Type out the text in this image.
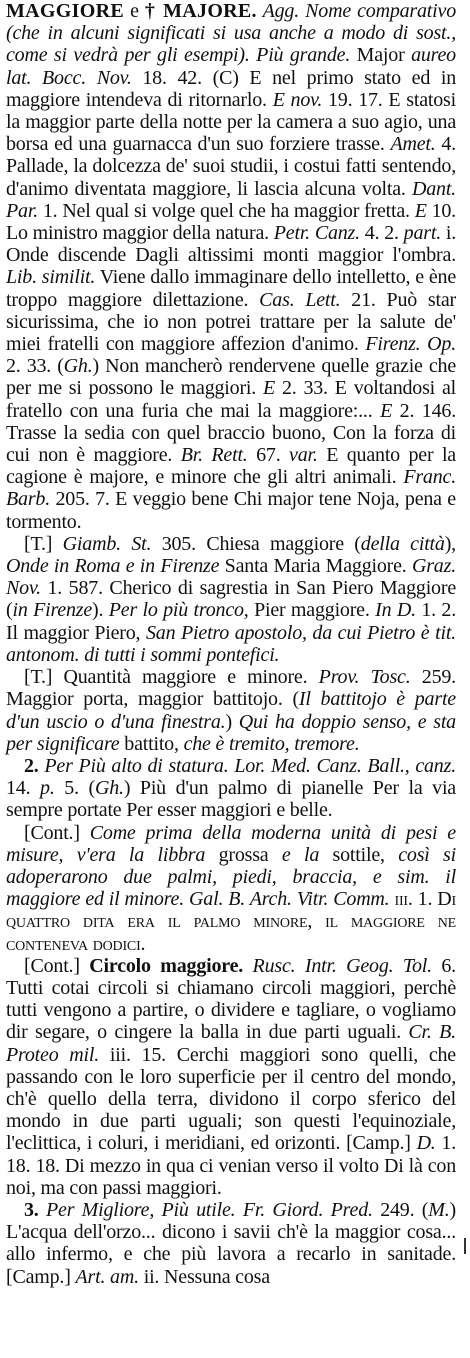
MAGGIORE e † MAJORE. Agg. Nome comparativo (che in alcuni significati si usa anche a modo di sost., come si vedrà per gli esempi). Più grande. Major aureo lat. Bocc. Nov. 18. 42. (C) E nel primo stato ed in maggiore intendeva di ritornarlo. E nov. 19. 17. E statosi la maggior parte della notte per la camera a suo agio, una borsa ed una guarnacca d'un suo forziere trasse. Amet. 4. Pallade, la dolcezza de' suoi studii, i costui fatti sentendo, d'animo diventata maggiore, li lascia alcuna volta. Dant. Par. 1. Nel qual si volge quel che ha maggior fretta. E 10. Lo ministro maggior della natura. Petr. Canz. 4. 2. part. i. Onde discende Dagli altissimi monti maggior l'ombra. Lib. similit. Viene dallo immaginare dello intelletto, e ène troppo maggiore dilettazione. Cas. Lett. 21. Può star sicurissima, che io non potrei trattare per la salute de' miei fratelli con maggiore affezion d'animo. Firenz. Op. 2. 33. (Gh.) Non mancherò rendervene quelle grazie che per me si possono le maggiori. E 2. 33. E voltandosi al fratello con una furia che mai la maggiore:... E 2. 146. Trasse la sedia con quel braccio buono, Con la forza di cui non è maggiore. Br. Rett. 67. var. E quanto per la cagione è majore, e minore che gli altri animali. Franc. Barb. 205. 7. E veggio bene Chi major tene Noja, pena e tormento.

[T.] Giamb. St. 305. Chiesa maggiore (della città), Onde in Roma e in Firenze Santa Maria Maggiore. Graz. Nov. 1. 587. Cherico di sagrestia in San Piero Maggiore (in Firenze). Per lo più tronco, Pier maggiore. In D. 1. 2. Il maggior Piero, San Pietro apostolo, da cui Pietro è tit. antonom. di tutti i sommi pontefici.

[T.] Quantità maggiore e minore. Prov. Tosc. 259. Maggior porta, maggior battitojo. (Il battitojo è parte d'un uscio o d'una finestra.) Qui ha doppio senso, e sta per significare battito, che è tremito, tremore.

2. Per Più alto di statura. Lor. Med. Canz. Ball., canz. 14. p. 5. (Gh.) Più d'un palmo di pianelle Per la via sempre portate Per esser maggiori e belle.

[Cont.] Come prima della moderna unità di pesi e misure, v'era la libbra grossa e la sottile, così si adoperarono due palmi, piedi, braccia, e sim. il maggiore ed il minore. Gal. B. Arch. Vitr. Comm. iii. 1. Di quattro dita era il palmo minore, il maggiore ne conteneva dodici.

[Cont.] Circolo maggiore. Rusc. Intr. Geog. Tol. 6. Tutti cotai circoli si chiamano circoli maggiori, perchè tutti vengono a partire, o dividere e tagliare, o vogliamo dir segare, o cingere la balla in due parti uguali. Cr. B. Proteo mil. iii. 15. Cerchi maggiori sono quelli, che passando con le loro superficie per il centro del mondo, ch'è quello della terra, dividono il corpo sferico del mondo in due parti uguali; son questi l'equinoziale, l'eclittica, i coluri, i meridiani, ed orizonti. [Camp.] D. 1. 18. 18. Di mezzo in qua ci venian verso il volto Di là con noi, ma con passi maggiori.

3. Per Migliore, Più utile. Fr. Giord. Pred. 249. (M.) L'acqua dell'orzo... dicono i savii ch'è la maggior cosa... allo infermo, e che più lavora a recarlo in sanitade. [Camp.] Art. am. ii. Nessuna cosa
